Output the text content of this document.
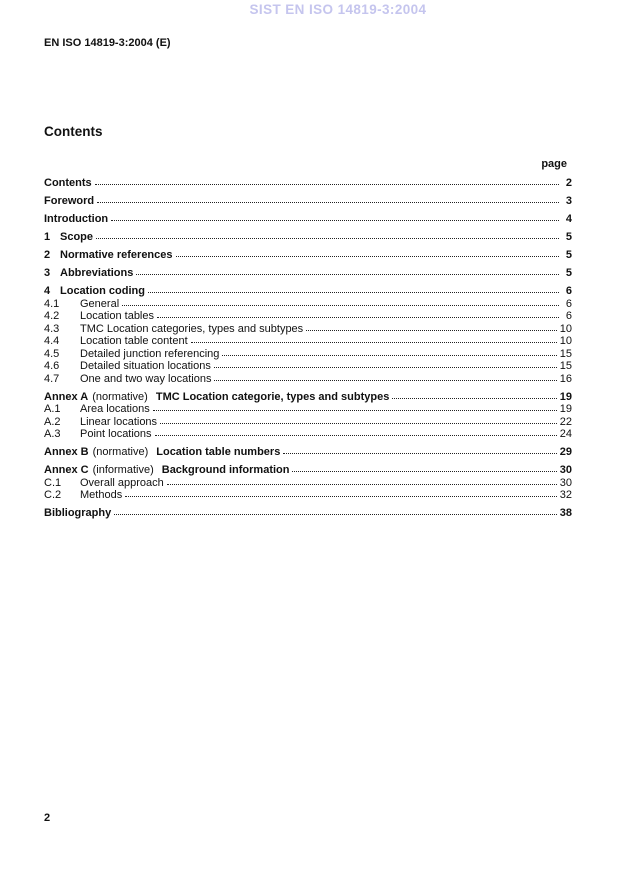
SIST EN ISO 14819-3:2004
EN ISO 14819-3:2004 (E)
Contents
page
Contents	2
Foreword	3
Introduction	4
1 Scope	5
2 Normative references	5
3 Abbreviations	5
4 Location coding	6
4.1	General	6
4.2	Location tables	6
4.3	TMC Location categories, types and subtypes	10
4.4	Location table content	10
4.5	Detailed junction referencing	15
4.6	Detailed situation locations	15
4.7	One and two way locations	16
Annex A (normative) TMC Location categorie, types and subtypes	19
A.1	Area locations	19
A.2	Linear locations	22
A.3	Point locations	24
Annex B (normative) Location table numbers	29
Annex C (informative) Background information	30
C.1	Overall approach	30
C.2	Methods	32
Bibliography	38
2
